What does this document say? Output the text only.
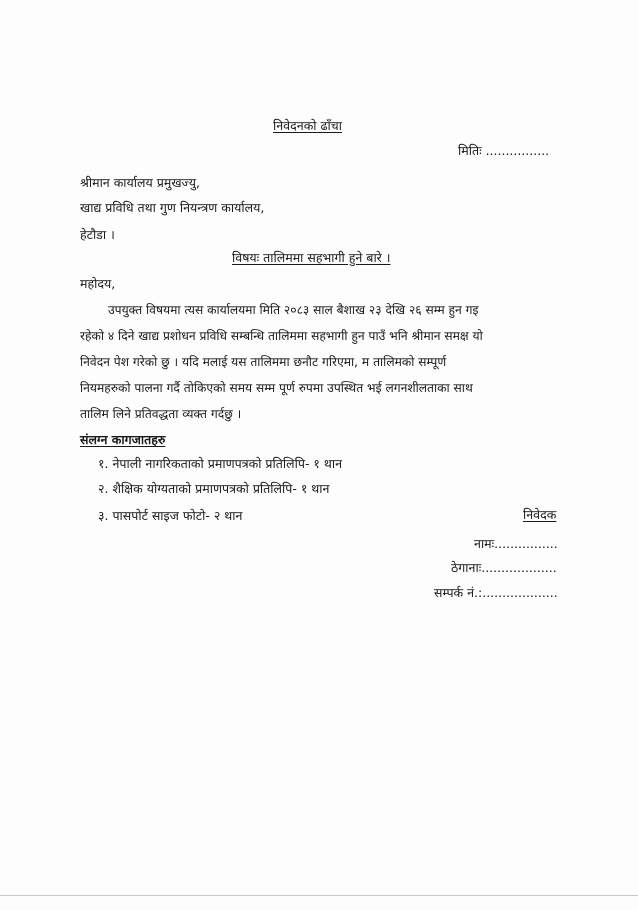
निवेदनको ढाँचा
मितिः ................
श्रीमान कार्यालय प्रमुखज्यु,
खाद्य प्रविधि तथा गुण नियन्त्रण कार्यालय,
हेटौडा ।
विषयः तालिममा सहभागी हुने बारे ।
महोदय,
उपयुक्त विषयमा त्यस कार्यालयमा मिति २०८३ साल बैशाख २३ देखि २६ सम्म हुन गइ
रहेको ४ दिने खाद्य प्रशोधन प्रविधि सम्बन्धि तालिममा सहभागी हुन पाउँ भनि श्रीमान समक्ष यो
निवेदन पेश गरेको छु । यदि मलाई यस तालिममा छनौट गरिएमा, म तालिमको सम्पूर्ण
नियमहरुको पालना गर्दै तोकिएको समय सम्म पूर्ण रुपमा उपस्थित भई लगनशीलताका साथ
तालिम लिने प्रतिवद्धता व्यक्त गर्दछु ।
संलग्न कागजातहरु
१. नेपाली नागरिकताको प्रमाणपत्रको प्रतिलिपि- १ थान
२. शैक्षिक योग्यताको प्रमाणपत्रको प्रतिलिपि- १ थान
३. पासपोर्ट साइज फोटो- २ थान	निवेदक
नामः................
ठेगानाः...................
सम्पर्क नं.:...................
